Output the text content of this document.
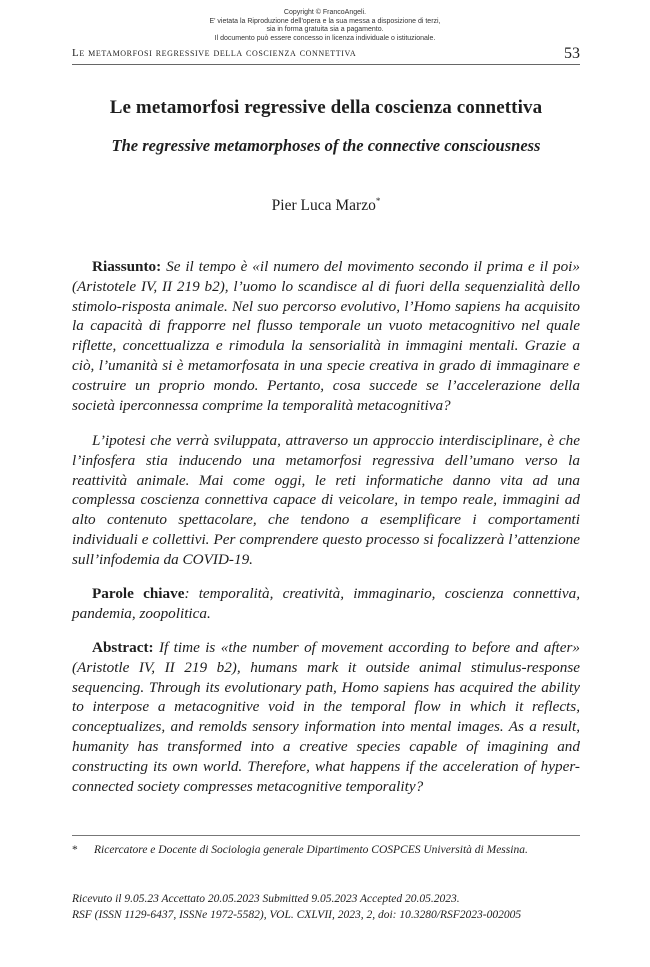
Copyright © FrancoAngeli.
E' vietata la Riproduzione dell'opera e la sua messa a disposizione di terzi,
sia in forma gratuita sia a pagamento.
Il documento può essere concesso in licenza individuale o istituzionale.
Le metamorfosi regressive della coscienza connettiva	53
Le metamorfosi regressive della coscienza connettiva
The regressive metamorphoses of the connective consciousness
Pier Luca Marzo*

Riassunto: Se il tempo è «il numero del movimento secondo il prima e il poi» (Aristotele IV, II 219 b2), l’uomo lo scandisce al di fuori della sequenzialità dello stimolo-risposta animale. Nel suo percorso evolutivo, l’Homo sapiens ha acquisito la capacità di frapporre nel flusso temporale un vuoto metacognitivo nel quale riflette, concettualizza e rimodula la sensorialità in immagini mentali. Grazie a ciò, l’umanità si è metamorfosata in una specie creativa in grado di immaginare e costruire un proprio mondo. Pertanto, cosa succede se l’accelerazione della società iperconnessa comprime la temporalità metacognitiva?

L’ipotesi che verrà sviluppata, attraverso un approccio interdisciplinare, è che l’infosfera stia inducendo una metamorfosi regressiva dell’umano verso la reattività animale. Mai come oggi, le reti informatiche danno vita ad una complessa coscienza connettiva capace di veicolare, in tempo reale, immagini ad alto contenuto spettacolare, che tendono a esemplificare i comportamenti individuali e collettivi. Per comprendere questo processo si focalizzerà l’attenzione sull’infodemia da COVID-19.

Parole chiave: temporalità, creatività, immaginario, coscienza connettiva, pandemia, zoopolitica.

Abstract: If time is «the number of movement according to before and after» (Aristotle IV, II 219 b2), humans mark it outside animal stimulus-response sequencing. Through its evolutionary path, Homo sapiens has acquired the ability to interpose a metacognitive void in the temporal flow in which it reflects, conceptualizes, and remolds sensory information into mental images. As a result, humanity has transformed into a creative species capable of imagining and constructing its own world. Therefore, what happens if the acceleration of hyper-connected society compresses metacognitive temporality?

*	Ricercatore e Docente di Sociologia generale Dipartimento COSPCES Università di Messina.
Ricevuto il 9.05.23 Accettato 20.05.2023 Submitted 9.05.2023 Accepted 20.05.2023.
RSF (ISSN 1129-6437, ISSNe 1972-5582), VOL. CXLVII, 2023, 2, doi: 10.3280/RSF2023-002005
